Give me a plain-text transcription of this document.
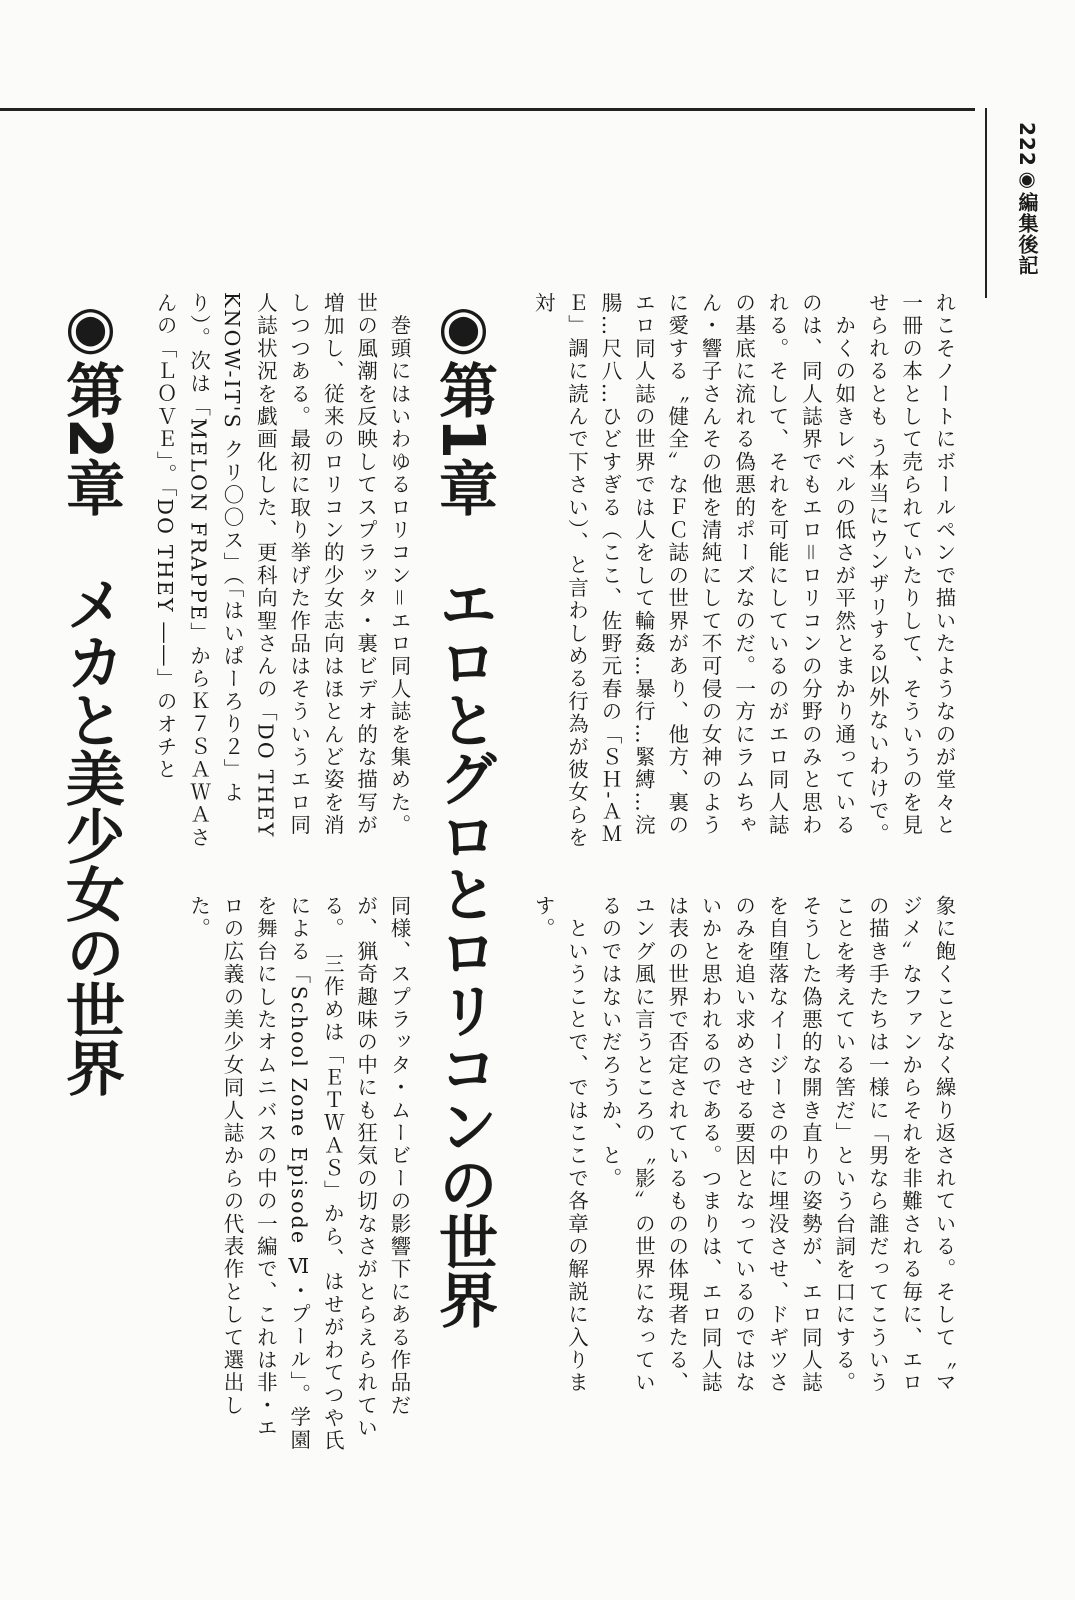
222◉編集後記
れこそノートにボールペンで描いたようなのが堂々と一冊の本として売られていたりして、そういうのを見せられるとも う本当にウンザリする以外ないわけで。
　かくの如きレベルの低さが平然とまかり通っているのは、同人誌界でもエロ＝ロリコンの分野のみと思われる。そして、それを可能にしているのがエロ同人誌の基底に流れる偽悪的ポーズなのだ。一方にラムちゃん・響子さんその他を清純にして不可侵の女神のように愛する〝健全〟なＦＣ誌の世界があり、他方、裏のエロ同人誌の世界では人をして輪姦…暴行…緊縛…浣腸…尺八…ひどすぎる（ここ、佐野元春の「ＳＨ-ＡＭＥ」調に読んで下さい）、と言わしめる行為が彼女らを対
象に飽くことなく繰り返されている。そして〝マジメ〟なファンからそれを非難される毎に、エロの描き手たちは一様に「男なら誰だってこういうことを考えている筈だ」という台詞を口にする。そうした偽悪的な開き直りの姿勢が、エロ同人誌を自堕落なイージーさの中に埋没させ、ドギツさのみを追い求めさせる要因となっているのではないかと思われるのである。つまりは、エロ同人誌は表の世界で否定されているものの体現者たる、ユング風に言うところの〝影〟の世界になっているのではないだろうか、と。
　ということで、ではここで各章の解説に入ります。
◉第1章　エロとグロとロリコンの世界
　巻頭にはいわゆるロリコン＝エロ同人誌を集めた。世の風潮を反映してスプラッタ・裏ビデオ的な描写が増加し、従来のロリコン的少女志向はほとんど姿を消しつつある。最初に取り挙げた作品はそういうエロ同人誌状況を戯画化した、更科向聖さんの「DO THEY KNOW-IT'S クリ〇〇ス」（「はいぱーろり２」より）。次は「MELON FRAPPE」からＫ７ＳＡＷＡさんの「ＬＯＶＥ」。「DO THEY ――」のオチと
同様、スプラッタ・ムービーの影響下にある作品だが、猟奇趣味の中にも狂気の切なさがとらえられている。　三作めは「ＥＴＷＡＳ」から、はせがわてつや氏による「School Zone Episode Ⅵ・プール」。学園を舞台にしたオムニバスの中の一編で、これは非・エロの広義の美少女同人誌からの代表作として選出した。
◉第2章　メカと美少女の世界
